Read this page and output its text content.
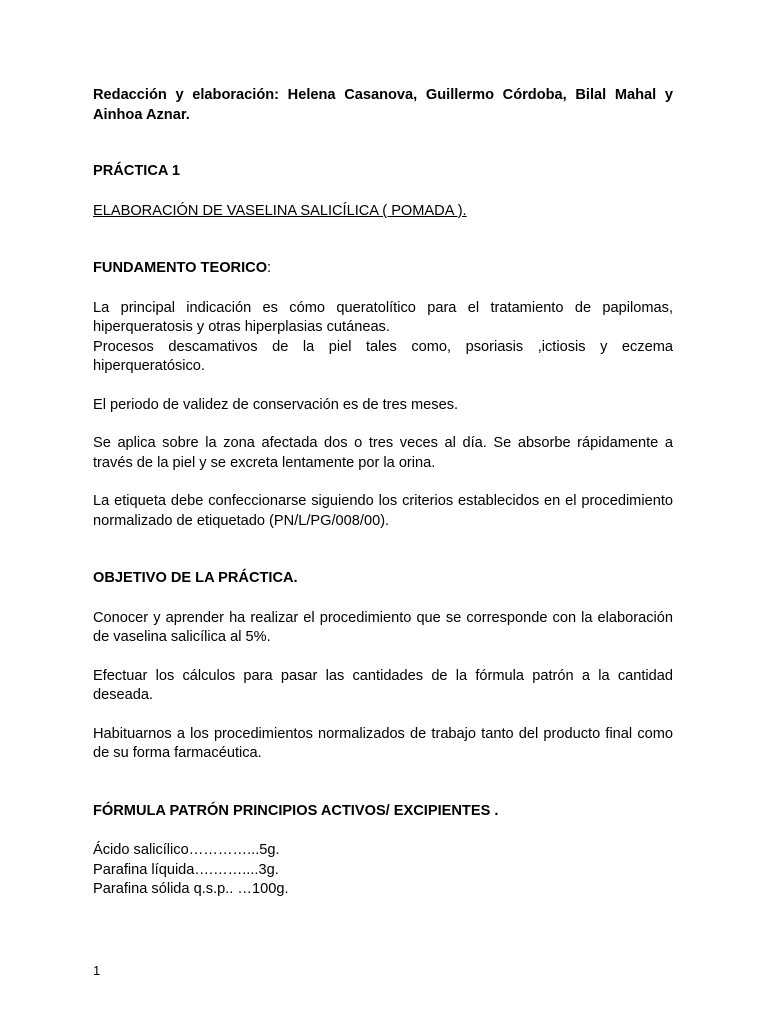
Redacción y elaboración: Helena Casanova, Guillermo Córdoba, Bilal Mahal y Ainhoa Aznar.

PRÁCTICA 1

ELABORACIÓN DE VASELINA SALICÍLICA ( POMADA ).

FUNDAMENTO TEORICO:

La principal indicación es cómo queratolítico para el tratamiento de papilomas, hiperqueratosis y otras hiperplasias cutáneas.

Procesos descamativos de la piel tales como, psoriasis ,ictiosis y eczema hiperqueratósico.

El periodo de validez de conservación es de tres meses.

Se aplica sobre la zona afectada dos o tres veces al día. Se absorbe rápidamente a través de la piel y se excreta lentamente por la orina.

La etiqueta debe confeccionarse siguiendo los criterios establecidos en el procedimiento normalizado de etiquetado (PN/L/PG/008/00).

OBJETIVO DE LA PRÁCTICA.

Conocer y aprender ha realizar el procedimiento que se corresponde con la elaboración de vaselina salicílica al 5%.

Efectuar los cálculos para pasar las cantidades de la fórmula patrón a la cantidad deseada.

Habituarnos a los procedimientos normalizados de trabajo tanto del producto final como de su forma farmacéutica.

FÓRMULA PATRÓN PRINCIPIOS ACTIVOS/ EXCIPIENTES .

Ácido salicílico…………...5g.

Parafina líquida….……....3g.

Parafina sólida q.s.p.. …100g.

1
